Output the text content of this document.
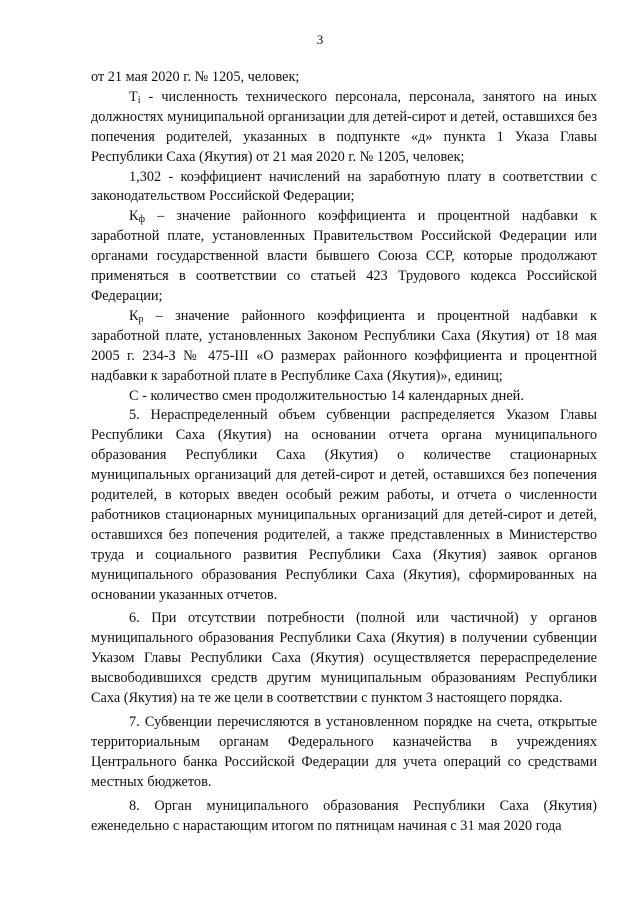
3

от 21 мая 2020 г. № 1205, человек;

$Т_i$ - численность технического персонала, персонала, занятого на иных должностях муниципальной организации для детей-сирот и детей, оставшихся без попечения родителей, указанных в подпункте «д» пункта 1 Указа Главы Республики Саха (Якутия) от 21 мая 2020 г. № 1205, человек;

1,302 - коэффициент начислений на заработную плату в соответствии с законодательством Российской Федерации;

$К_ф$ – значение районного коэффициента и процентной надбавки к заработной плате, установленных Правительством Российской Федерации или органами государственной власти бывшего Союза ССР, которые продолжают применяться в соответствии со статьей 423 Трудового кодекса Российской Федерации;

$К_р$ – значение районного коэффициента и процентной надбавки к заработной плате, установленных Законом Республики Саха (Якутия) от 18 мая 2005 г. 234-З № 475-III «О размерах районного коэффициента и процентной надбавки к заработной плате в Республике Саха (Якутия)», единиц;

С - количество смен продолжительностью 14 календарных дней.

5. Нераспределенный объем субвенции распределяется Указом Главы Республики Саха (Якутия) на основании отчета органа муниципального образования Республики Саха (Якутия) о количестве стационарных муниципальных организаций для детей-сирот и детей, оставшихся без попечения родителей, в которых введен особый режим работы, и отчета о численности работников стационарных муниципальных организаций для детей-сирот и детей, оставшихся без попечения родителей, а также представленных в Министерство труда и социального развития Республики Саха (Якутия) заявок органов муниципального образования Республики Саха (Якутия), сформированных на основании указанных отчетов.

6. При отсутствии потребности (полной или частичной) у органов муниципального образования Республики Саха (Якутия) в получении субвенции Указом Главы Республики Саха (Якутия) осуществляется перераспределение высвободившихся средств другим муниципальным образованиям Республики Саха (Якутия) на те же цели в соответствии с пунктом 3 настоящего порядка.

7. Субвенции перечисляются в установленном порядке на счета, открытые территориальным органам Федерального казначейства в учреждениях Центрального банка Российской Федерации для учета операций со средствами местных бюджетов.

8. Орган муниципального образования Республики Саха (Якутия) еженедельно с нарастающим итогом по пятницам начиная с 31 мая 2020 года
